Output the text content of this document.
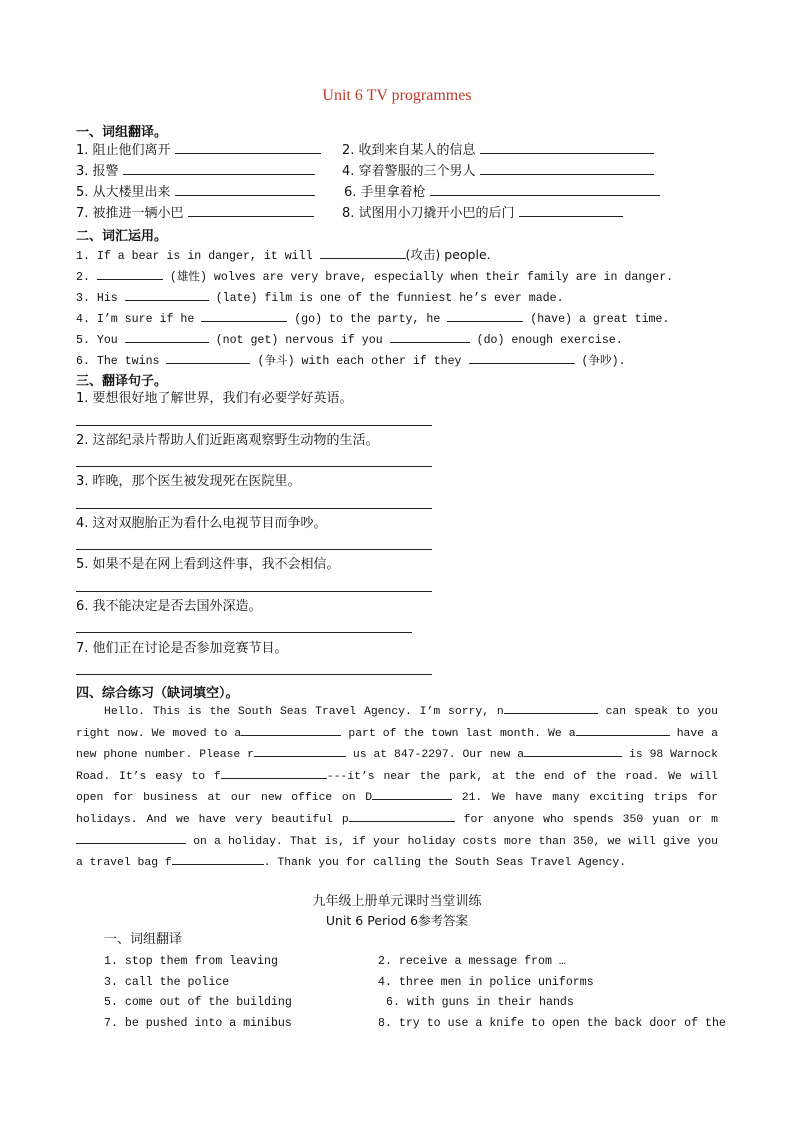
Unit 6 TV programmes
一、词组翻译。
1. 阻止他们离开	2. 收到来自某人的信息
3. 报警	4. 穿着警服的三个男人
5. 从大楼里出来	6. 手里拿着枪
7. 被推进一辆小巴	8. 试图用小刀撬开小巴的后门
二、词汇运用。
1. If a bear is in danger, it will	(攻击) people.
2.	(雄性) wolves are very brave, especially when their family are in danger.
3. His	(late) film is one of the funniest he’s ever made.
4. I’m sure if he	(go) to the party, he	(have) a great time.
5. You	(not get) nervous if you	(do) enough exercise.
6. The twins	(争斗) with each other if they	(争吵).
三、翻译句子。
1. 要想很好地了解世界，我们有必要学好英语。
2. 这部纪录片帮助人们近距离观察野生动物的生活。
3. 昨晚，那个医生被发现死在医院里。
4. 这对双胞胎正为看什么电视节目而争吵。
5. 如果不是在网上看到这件事，我不会相信。
6. 我不能决定是否去国外深造。
7. 他们正在讨论是否参加竞赛节目。
四、综合练习（缺词填空）。

Hello. This is the South Seas Travel Agency. I’m sorry, n	can speak to you right now. We moved to a	part of the town last month. We a	have a new phone number. Please r	us at 847-2297. Our new a	is 98 Warnock Road. It’s easy to f	---it’s near the park, at the end of the road. We will open for business at our new office on D	21. We have many exciting trips for holidays. And we have very beautiful p	for anyone who spends 350 yuan or m on a holiday. That is, if your holiday costs more than 350, we will give you a travel bag f	. Thank you for calling the South Seas Travel Agency.

九年级上册单元课时当堂训练
Unit 6 Period 6参考答案
一、词组翻译
1. stop them from leaving	2. receive a message from …
3. call the police	4. three men in police uniforms
5. come out of the building	6. with guns in their hands
7. be pushed into a minibus	8. try to use a knife to open the back door of the
